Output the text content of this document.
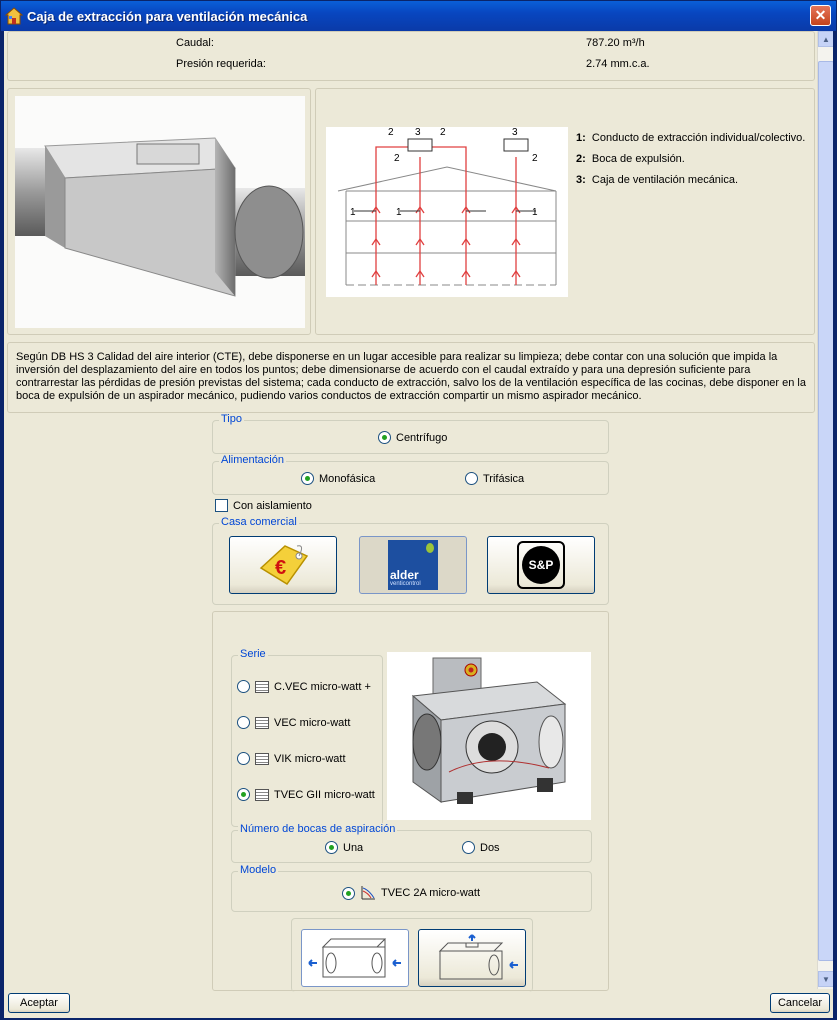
Caja de extracción para ventilación mecánica	✕
Caudal:	787.20 m³/h
Presión requerida:	2.74 mm.c.a.
2 3 2	3
2	2
1	1	1
1: Conducto de extracción individual/colectivo.
2: Boca de expulsión.
3: Caja de ventilación mecánica.
Según DB HS 3 Calidad del aire interior (CTE), debe disponerse en un lugar accesible para realizar su limpieza; debe contar con una solución que impida la inversión del desplazamiento del aire en todos los puntos; debe dimensionarse de acuerdo con el caudal extraído y para una depresión suficiente para contrarrestar las pérdidas de presión previstas del sistema; cada conducto de extracción, salvo los de la ventilación específica de las cocinas, debe disponer en la boca de expulsión de un aspirador mecánico, pudiendo varios conductos de extracción compartir un mismo aspirador mecánico.
Tipo
Centrífugo
Alimentación
Monofásica	Trifásica
Con aislamiento
Casa comercial
€	alder
venticontrol
S&P
Serie
C.VEC micro-watt +
VEC micro-watt
VIK micro-watt
TVEC GII micro-watt
Número de bocas de aspiración
Una	Dos
Modelo
TVEC 2A micro-watt
▲
▼
Aceptar	Cancelar
